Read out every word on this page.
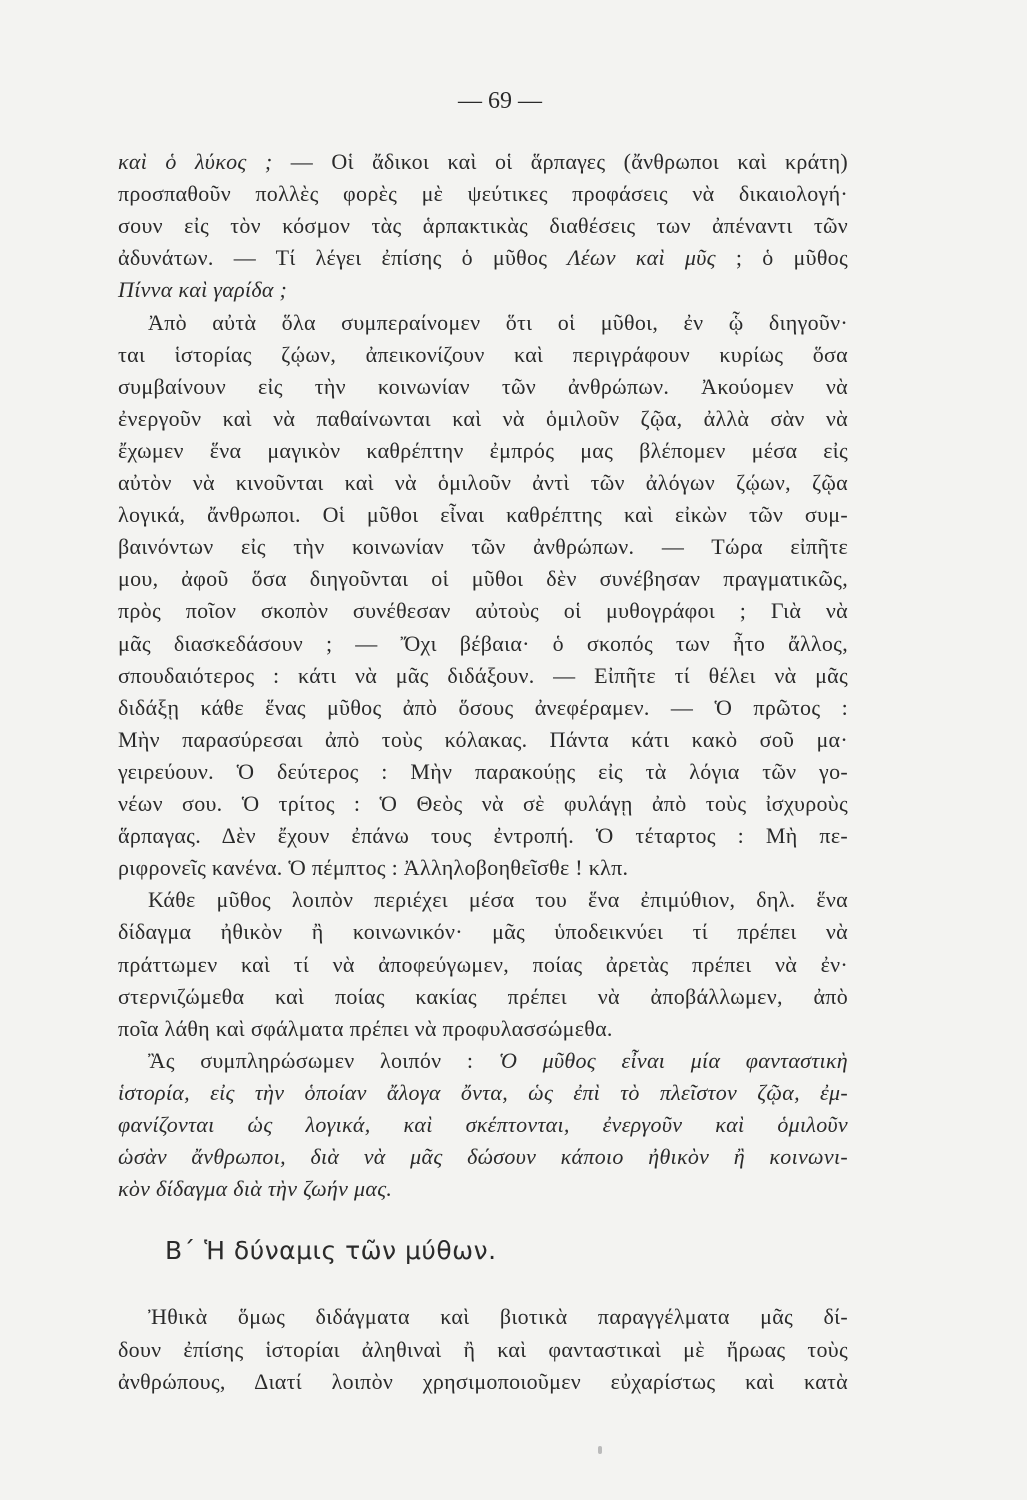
— 69 —
καὶ ὁ λύκος ; — Οἱ ἄδικοι καὶ οἱ ἅρπαγες (ἄνθρωποι καὶ κράτη)
προσπαθοῦν πολλὲς φορὲς μὲ ψεύτικες προφάσεις νὰ δικαιολογή·
σουν εἰς τὸν κόσμον τὰς ἁρπακτικὰς διαθέσεις των ἀπέναντι τῶν
ἀδυνάτων. — Τί λέγει ἐπίσης ὁ μῦθος Λέων καὶ μῦς ; ὁ μῦθος
Πίννα καὶ γαρίδα ;
Ἀπὸ αὐτὰ ὅλα συμπεραίνομεν ὅτι οἱ μῦθοι, ἐν ᾧ διηγοῦν·
ται ἱστορίας ζῴων, ἀπεικονίζουν καὶ περιγράφουν κυρίως ὅσα
συμβαίνουν εἰς τὴν κοινωνίαν τῶν ἀνθρώπων. Ἀκούομεν νὰ
ἐνεργοῦν καὶ νὰ παθαίνωνται καὶ νὰ ὁμιλοῦν ζῷα, ἀλλὰ σὰν νὰ
ἔχωμεν ἕνα μαγικὸν καθρέπτην ἐμπρός μας βλέπομεν μέσα εἰς
αὐτὸν νὰ κινοῦνται καὶ νὰ ὁμιλοῦν ἀντὶ τῶν ἀλόγων ζῴων, ζῷα
λογικά, ἄνθρωποι. Οἱ μῦθοι εἶναι καθρέπτης καὶ εἰκὼν τῶν συμ-
βαινόντων εἰς τὴν κοινωνίαν τῶν ἀνθρώπων. — Τώρα εἰπῆτε
μου, ἀφοῦ ὅσα διηγοῦνται οἱ μῦθοι δὲν συνέβησαν πραγματικῶς,
πρὸς ποῖον σκοπὸν συνέθεσαν αὐτοὺς οἱ μυθογράφοι ; Γιὰ νὰ
μᾶς διασκεδάσουν ; — Ὄχι βέβαια· ὁ σκοπός των ἦτο ἄλλος,
σπουδαιότερος : κάτι νὰ μᾶς διδάξουν. — Εἰπῆτε τί θέλει νὰ μᾶς
διδάξῃ κάθε ἕνας μῦθος ἀπὸ ὅσους ἀνεφέραμεν. — Ὁ πρῶτος :
Μὴν παρασύρεσαι ἀπὸ τοὺς κόλακας. Πάντα κάτι κακὸ σοῦ μα·
γειρεύουν. Ὁ δεύτερος : Μὴν παρακούῃς εἰς τὰ λόγια τῶν γο-
νέων σου. Ὁ τρίτος : Ὁ Θεὸς νὰ σὲ φυλάγῃ ἀπὸ τοὺς ἰσχυροὺς
ἅρπαγας. Δὲν ἔχουν ἐπάνω τους ἐντροπή. Ὁ τέταρτος : Μὴ πε-
ριφρονεῖς κανένα. Ὁ πέμπτος : Ἀλληλοβοηθεῖσθε ! κλπ.
Κάθε μῦθος λοιπὸν περιέχει μέσα του ἕνα ἐπιμύθιον, δηλ. ἕνα
δίδαγμα ἠθικὸν ἢ κοινωνικόν· μᾶς ὑποδεικνύει τί πρέπει νὰ
πράττωμεν καὶ τί νὰ ἀποφεύγωμεν, ποίας ἀρετὰς πρέπει νὰ ἐν·
στερνιζώμεθα καὶ ποίας κακίας πρέπει νὰ ἀποβάλλωμεν, ἀπὸ
ποῖα λάθη καὶ σφάλματα πρέπει νὰ προφυλασσώμεθα.
Ἂς συμπληρώσωμεν λοιπόν : Ὁ μῦθος εἶναι μία φανταστικὴ
ἱστορία, εἰς τὴν ὁποίαν ἄλογα ὄντα, ὡς ἐπὶ τὸ πλεῖστον ζῷα, ἐμ-
φανίζονται ὡς λογικά, καὶ σκέπτονται, ἐνεργοῦν καὶ ὁμιλοῦν
ὡσὰν ἄνθρωποι, διὰ νὰ μᾶς δώσουν κάποιο ἠθικὸν ἢ κοινωνι-
κὸν δίδαγμα διὰ τὴν ζωήν μας.
Ἠθικὰ ὅμως διδάγματα καὶ βιοτικὰ παραγγέλματα μᾶς δί-
δουν ἐπίσης ἱστορίαι ἀληθιναὶ ἢ καὶ φανταστικαὶ μὲ ἥρωας τοὺς
ἀνθρώπους, Διατί λοιπὸν χρησιμοποιοῦμεν εὐχαρίστως καὶ κατὰ
Β΄ Ἡ δύναμις τῶν μύθων.
